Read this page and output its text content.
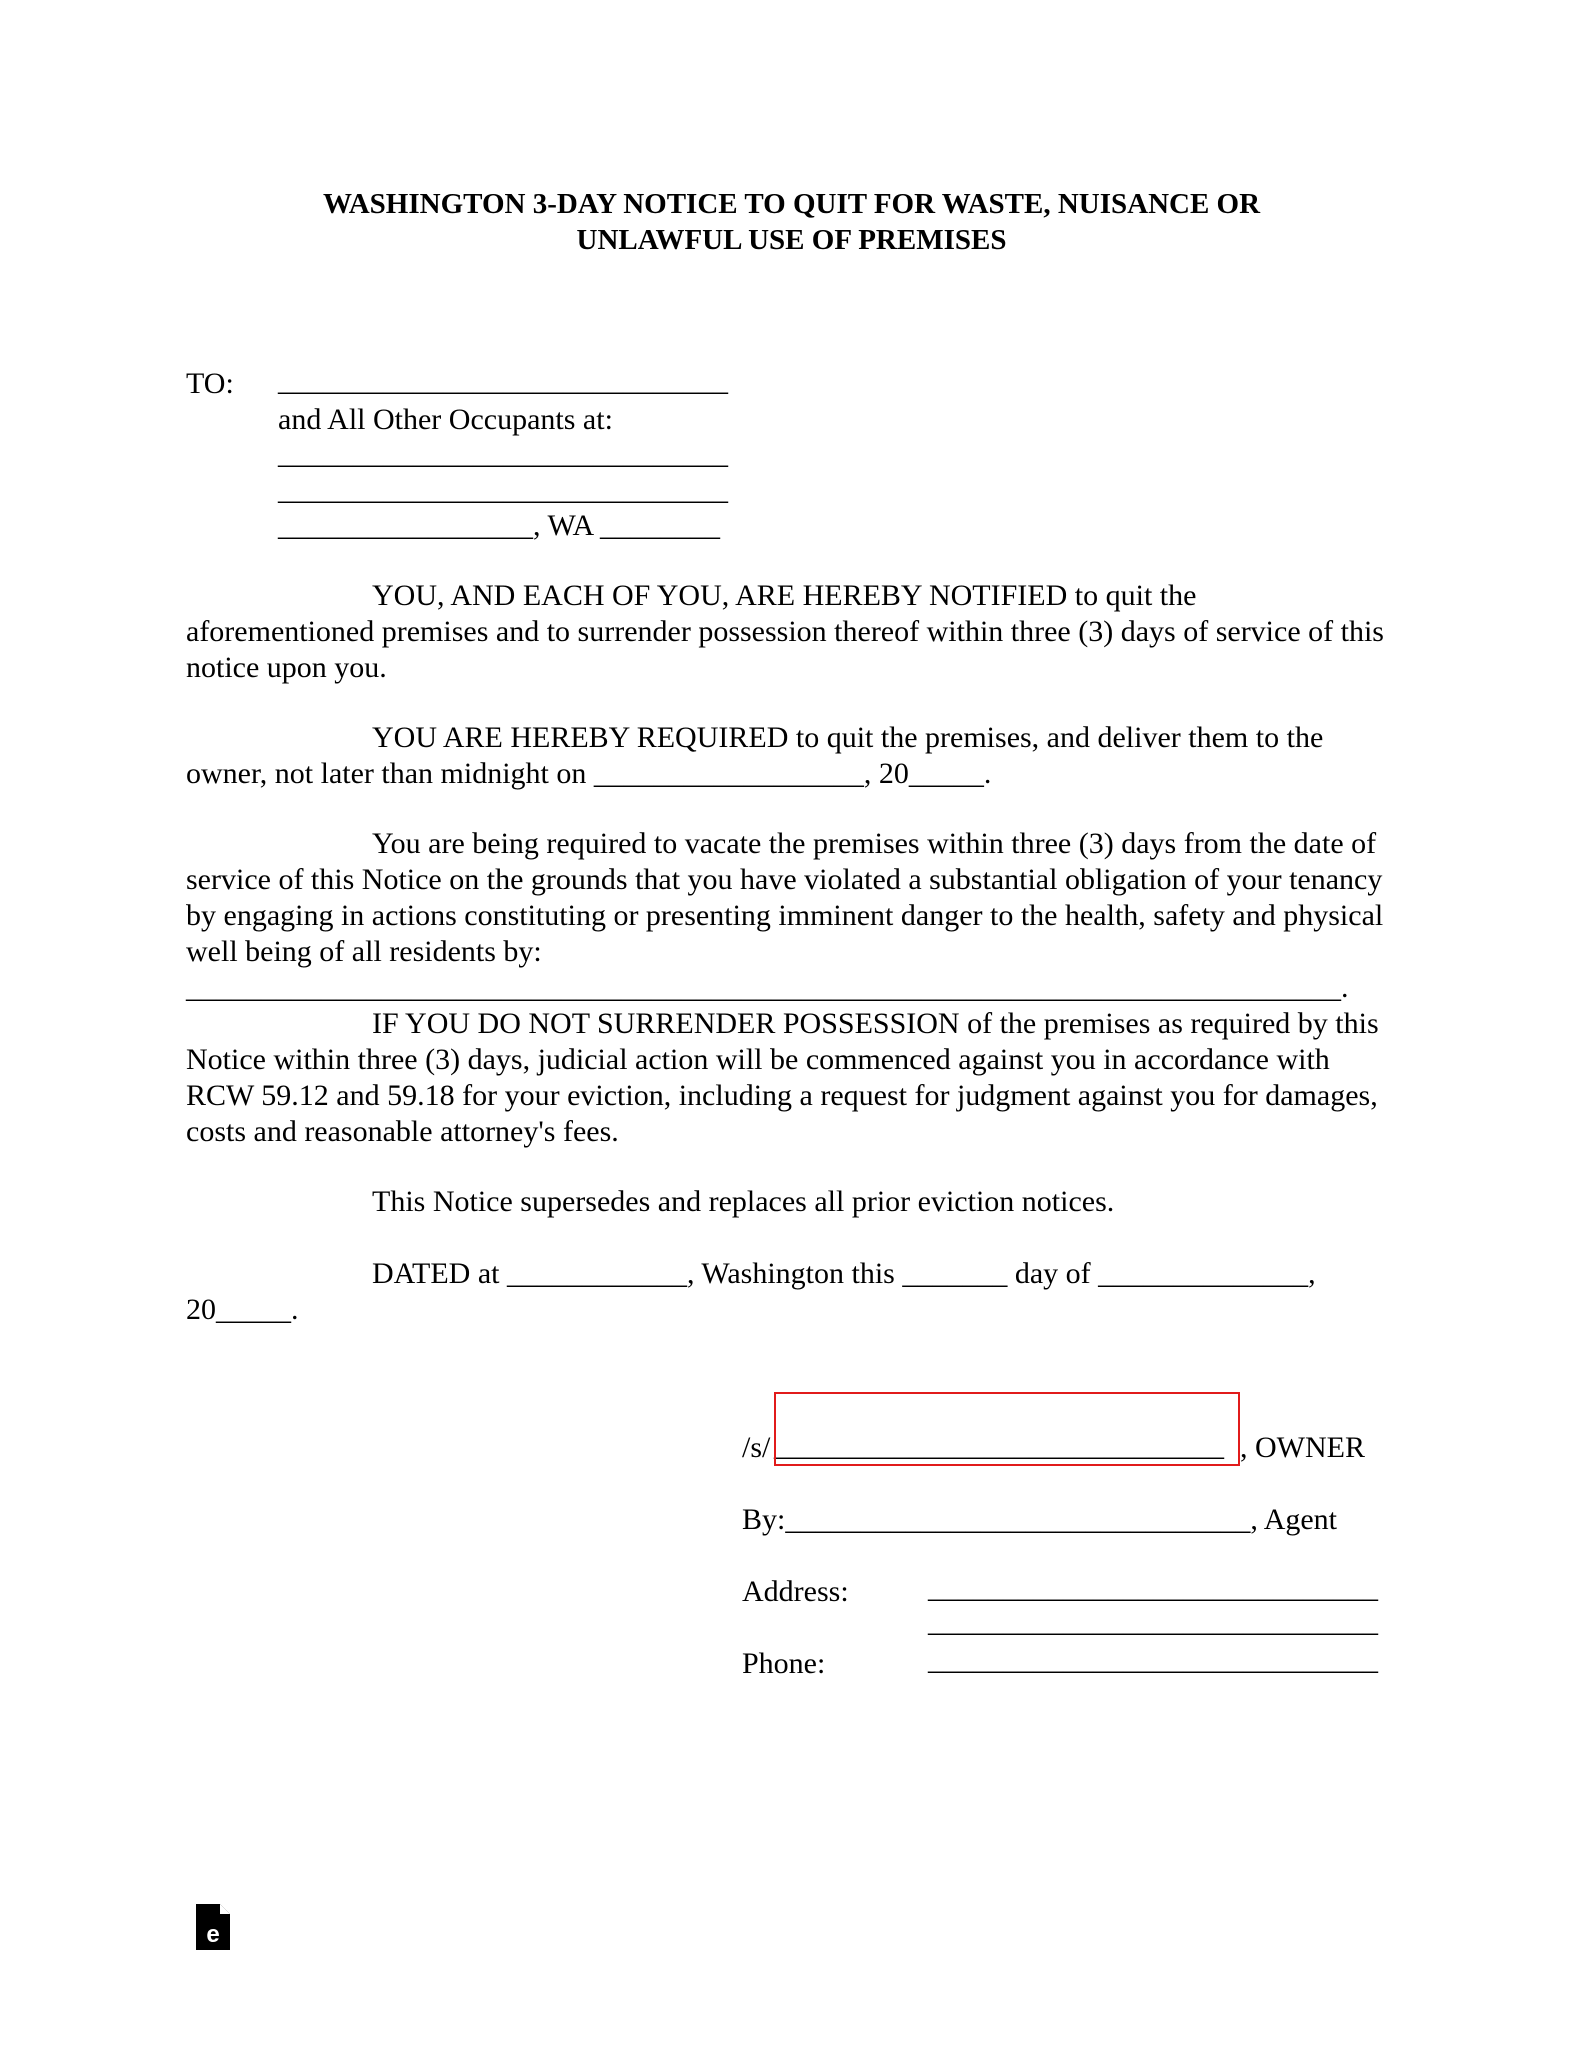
WASHINGTON 3-DAY NOTICE TO QUIT FOR WASTE, NUISANCE OR
UNLAWFUL USE OF PREMISES
TO: ______________________________
and All Other Occupants at:
______________________________
______________________________
_________________, WA ________
YOU, AND EACH OF YOU, ARE HEREBY NOTIFIED to quit the
aforementioned premises and to surrender possession thereof within three (3) days of service of this
notice upon you.
YOU ARE HEREBY REQUIRED to quit the premises, and deliver them to the
owner, not later than midnight on __________________, 20_____.
You are being required to vacate the premises within three (3) days from the date of
service of this Notice on the grounds that you have violated a substantial obligation of your tenancy
by engaging in actions constituting or presenting imminent danger to the health, safety and physical
well being of all residents by:
_____________________________________________________________________________.
IF YOU DO NOT SURRENDER POSSESSION of the premises as required by this
Notice within three (3) days, judicial action will be commenced against you in accordance with
RCW 59.12 and 59.18 for your eviction, including a request for judgment against you for damages,
costs and reasonable attorney's fees.
This Notice supersedes and replaces all prior eviction notices.
DATED at ____________, Washington this _______ day of ______________,
20_____.
/s/ ______________________________ , OWNER
By:_______________________________, Agent
Address:	______________________________
______________________________
Phone:	______________________________
e
